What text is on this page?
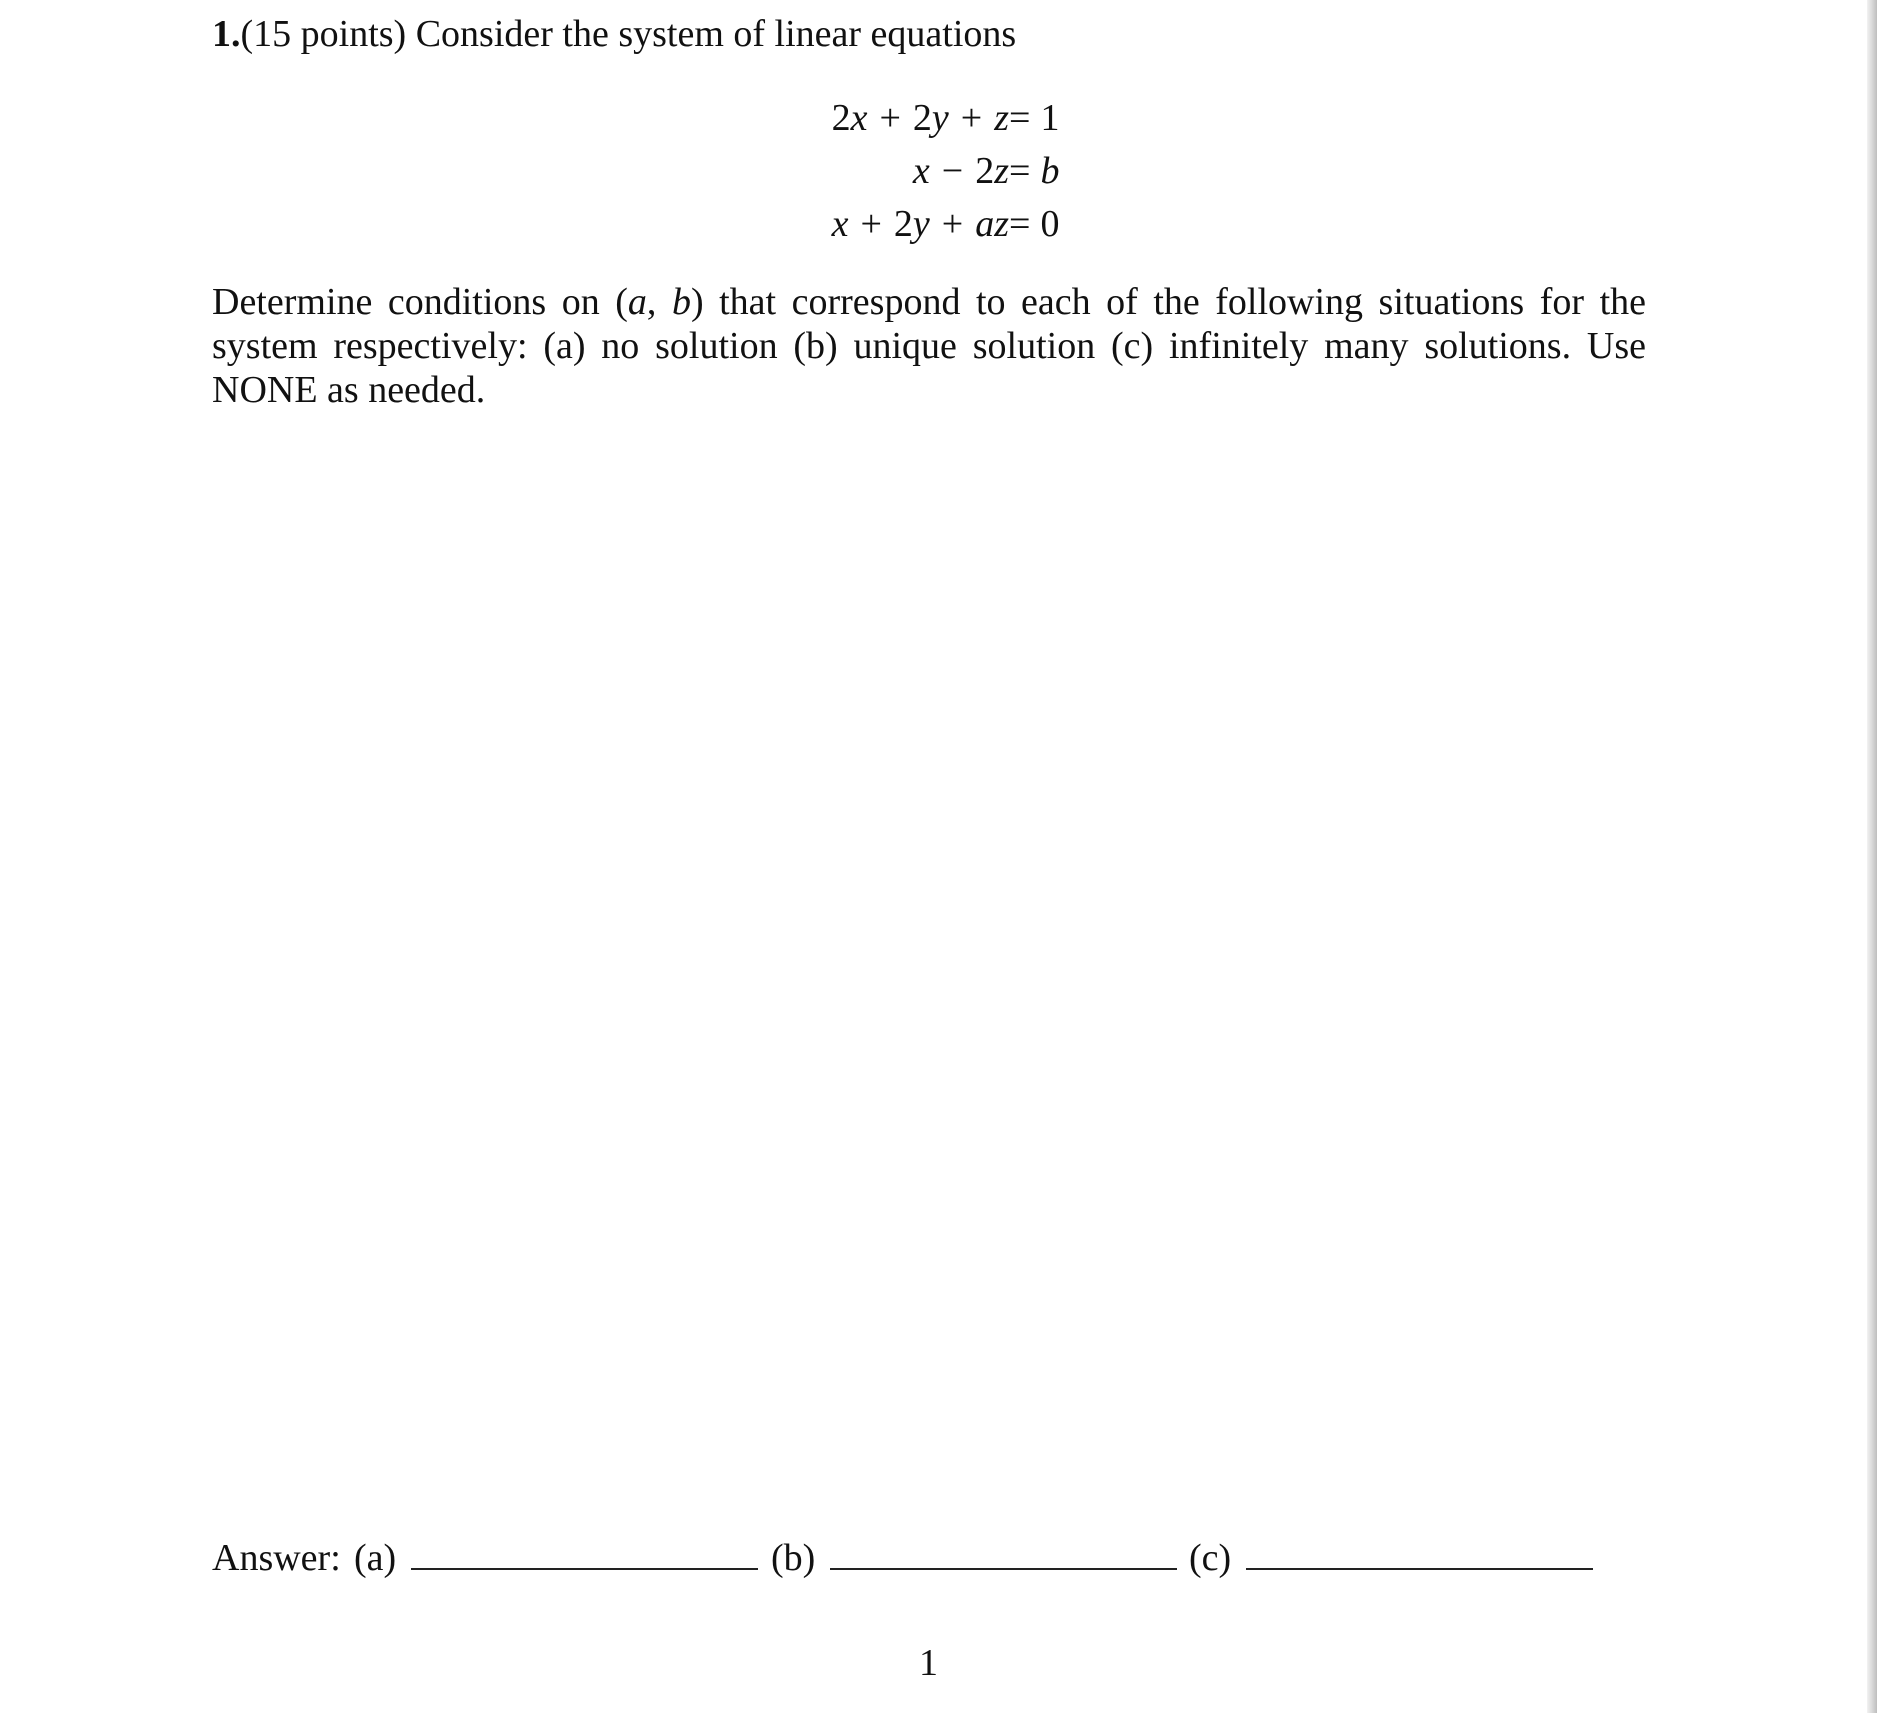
1.(15 points) Consider the system of linear equations
2x + 2y + z = 1
x − 2z = b
x + 2y + az = 0
Determine conditions on (a, b) that correspond to each of the following situations for the system respectively: (a) no solution (b) unique solution (c) infinitely many solutions. Use NONE as needed.
Answer: (a)	(b)	(c)
1
